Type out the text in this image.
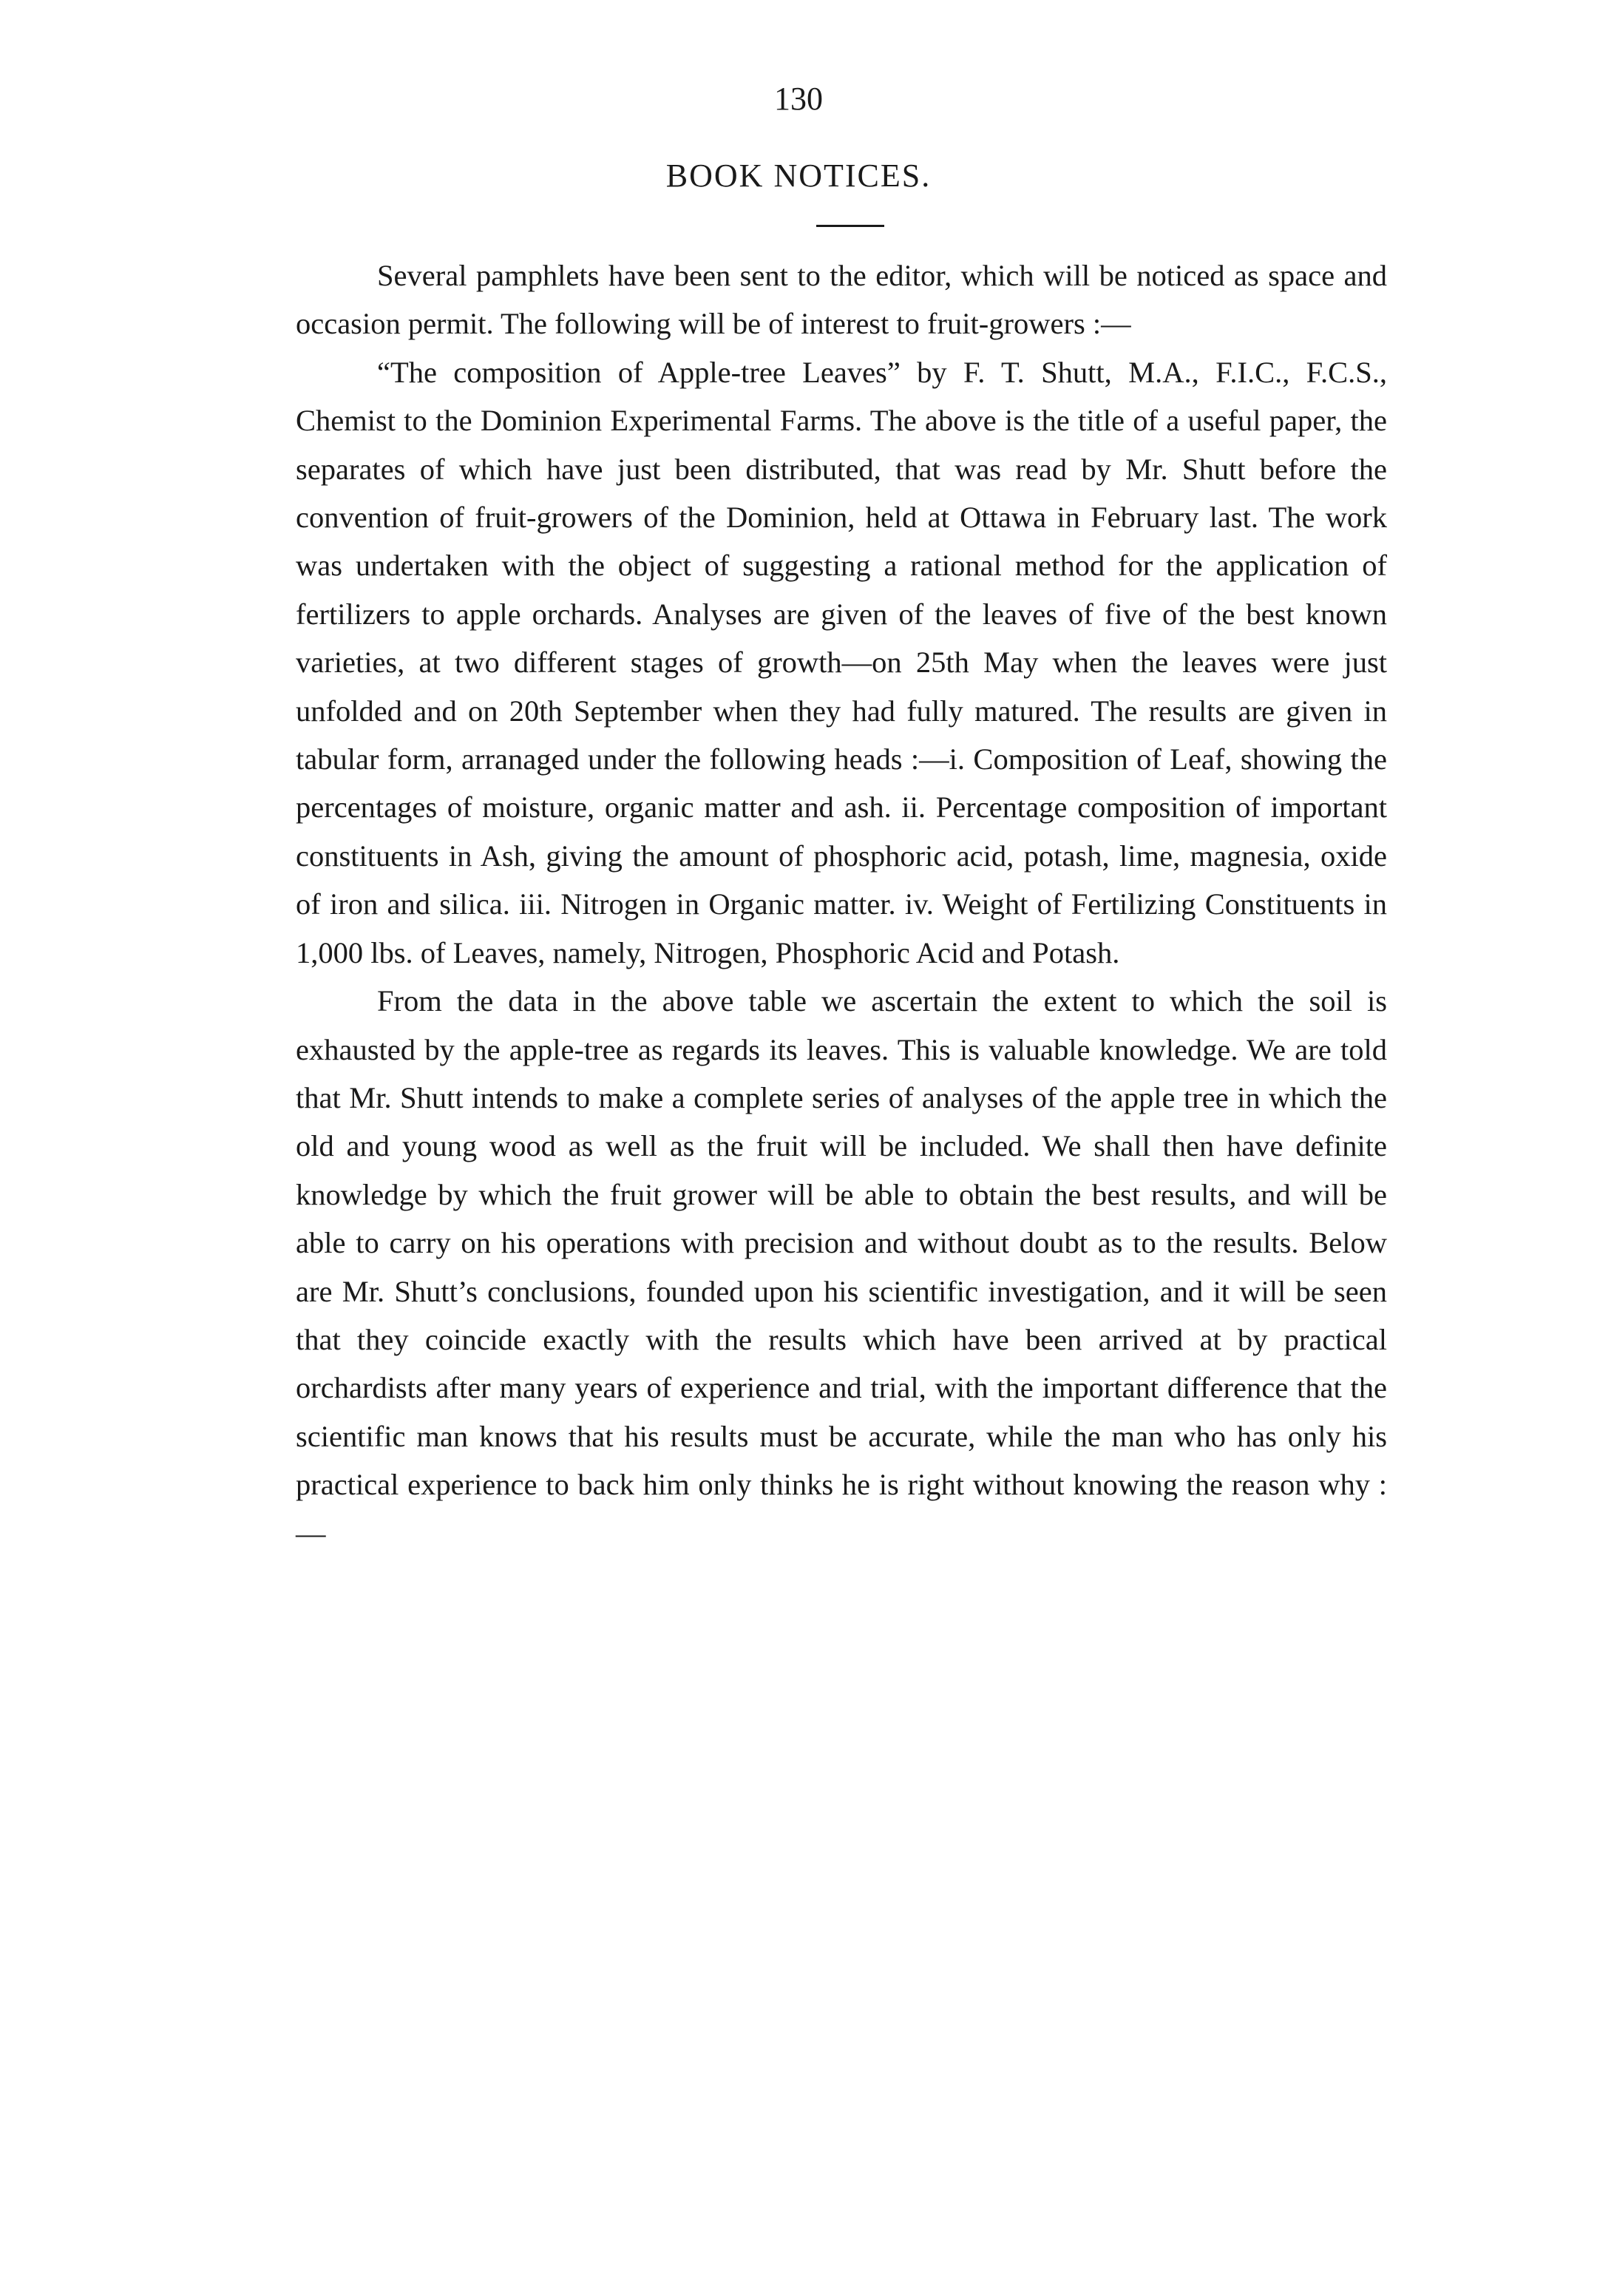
130
BOOK NOTICES.

Several pamphlets have been sent to the editor, which will be noticed as space and occasion permit. The following will be of interest to fruit-growers :—

“The composition of Apple-tree Leaves” by F. T. Shutt, M.A., F.I.C., F.C.S., Chemist to the Dominion Experimental Farms. The above is the title of a useful paper, the separates of which have just been distributed, that was read by Mr. Shutt before the convention of fruit-growers of the Dominion, held at Ottawa in February last. The work was undertaken with the object of suggesting a rational method for the application of fertilizers to apple orchards. Analyses are given of the leaves of five of the best known varieties, at two different stages of growth—on 25th May when the leaves were just unfolded and on 20th September when they had fully matured. The results are given in tabular form, arranaged under the following heads :—i. Composition of Leaf, showing the percentages of moisture, organic matter and ash. ii. Percentage composition of important constituents in Ash, giving the amount of phosphoric acid, potash, lime, magnesia, oxide of iron and silica. iii. Nitrogen in Organic matter. iv. Weight of Fertilizing Constituents in 1,000 lbs. of Leaves, namely, Nitrogen, Phosphoric Acid and Potash.

From the data in the above table we ascertain the extent to which the soil is exhausted by the apple-tree as regards its leaves. This is valuable knowledge. We are told that Mr. Shutt intends to make a complete series of analyses of the apple tree in which the old and young wood as well as the fruit will be included. We shall then have definite knowledge by which the fruit grower will be able to obtain the best results, and will be able to carry on his operations with precision and without doubt as to the results. Below are Mr. Shutt’s conclusions, founded upon his scientific investigation, and it will be seen that they coincide exactly with the results which have been arrived at by practical orchardists after many years of experience and trial, with the important difference that the scientific man knows that his results must be accurate, while the man who has only his practical experience to back him only thinks he is right without knowing the reason why :—
